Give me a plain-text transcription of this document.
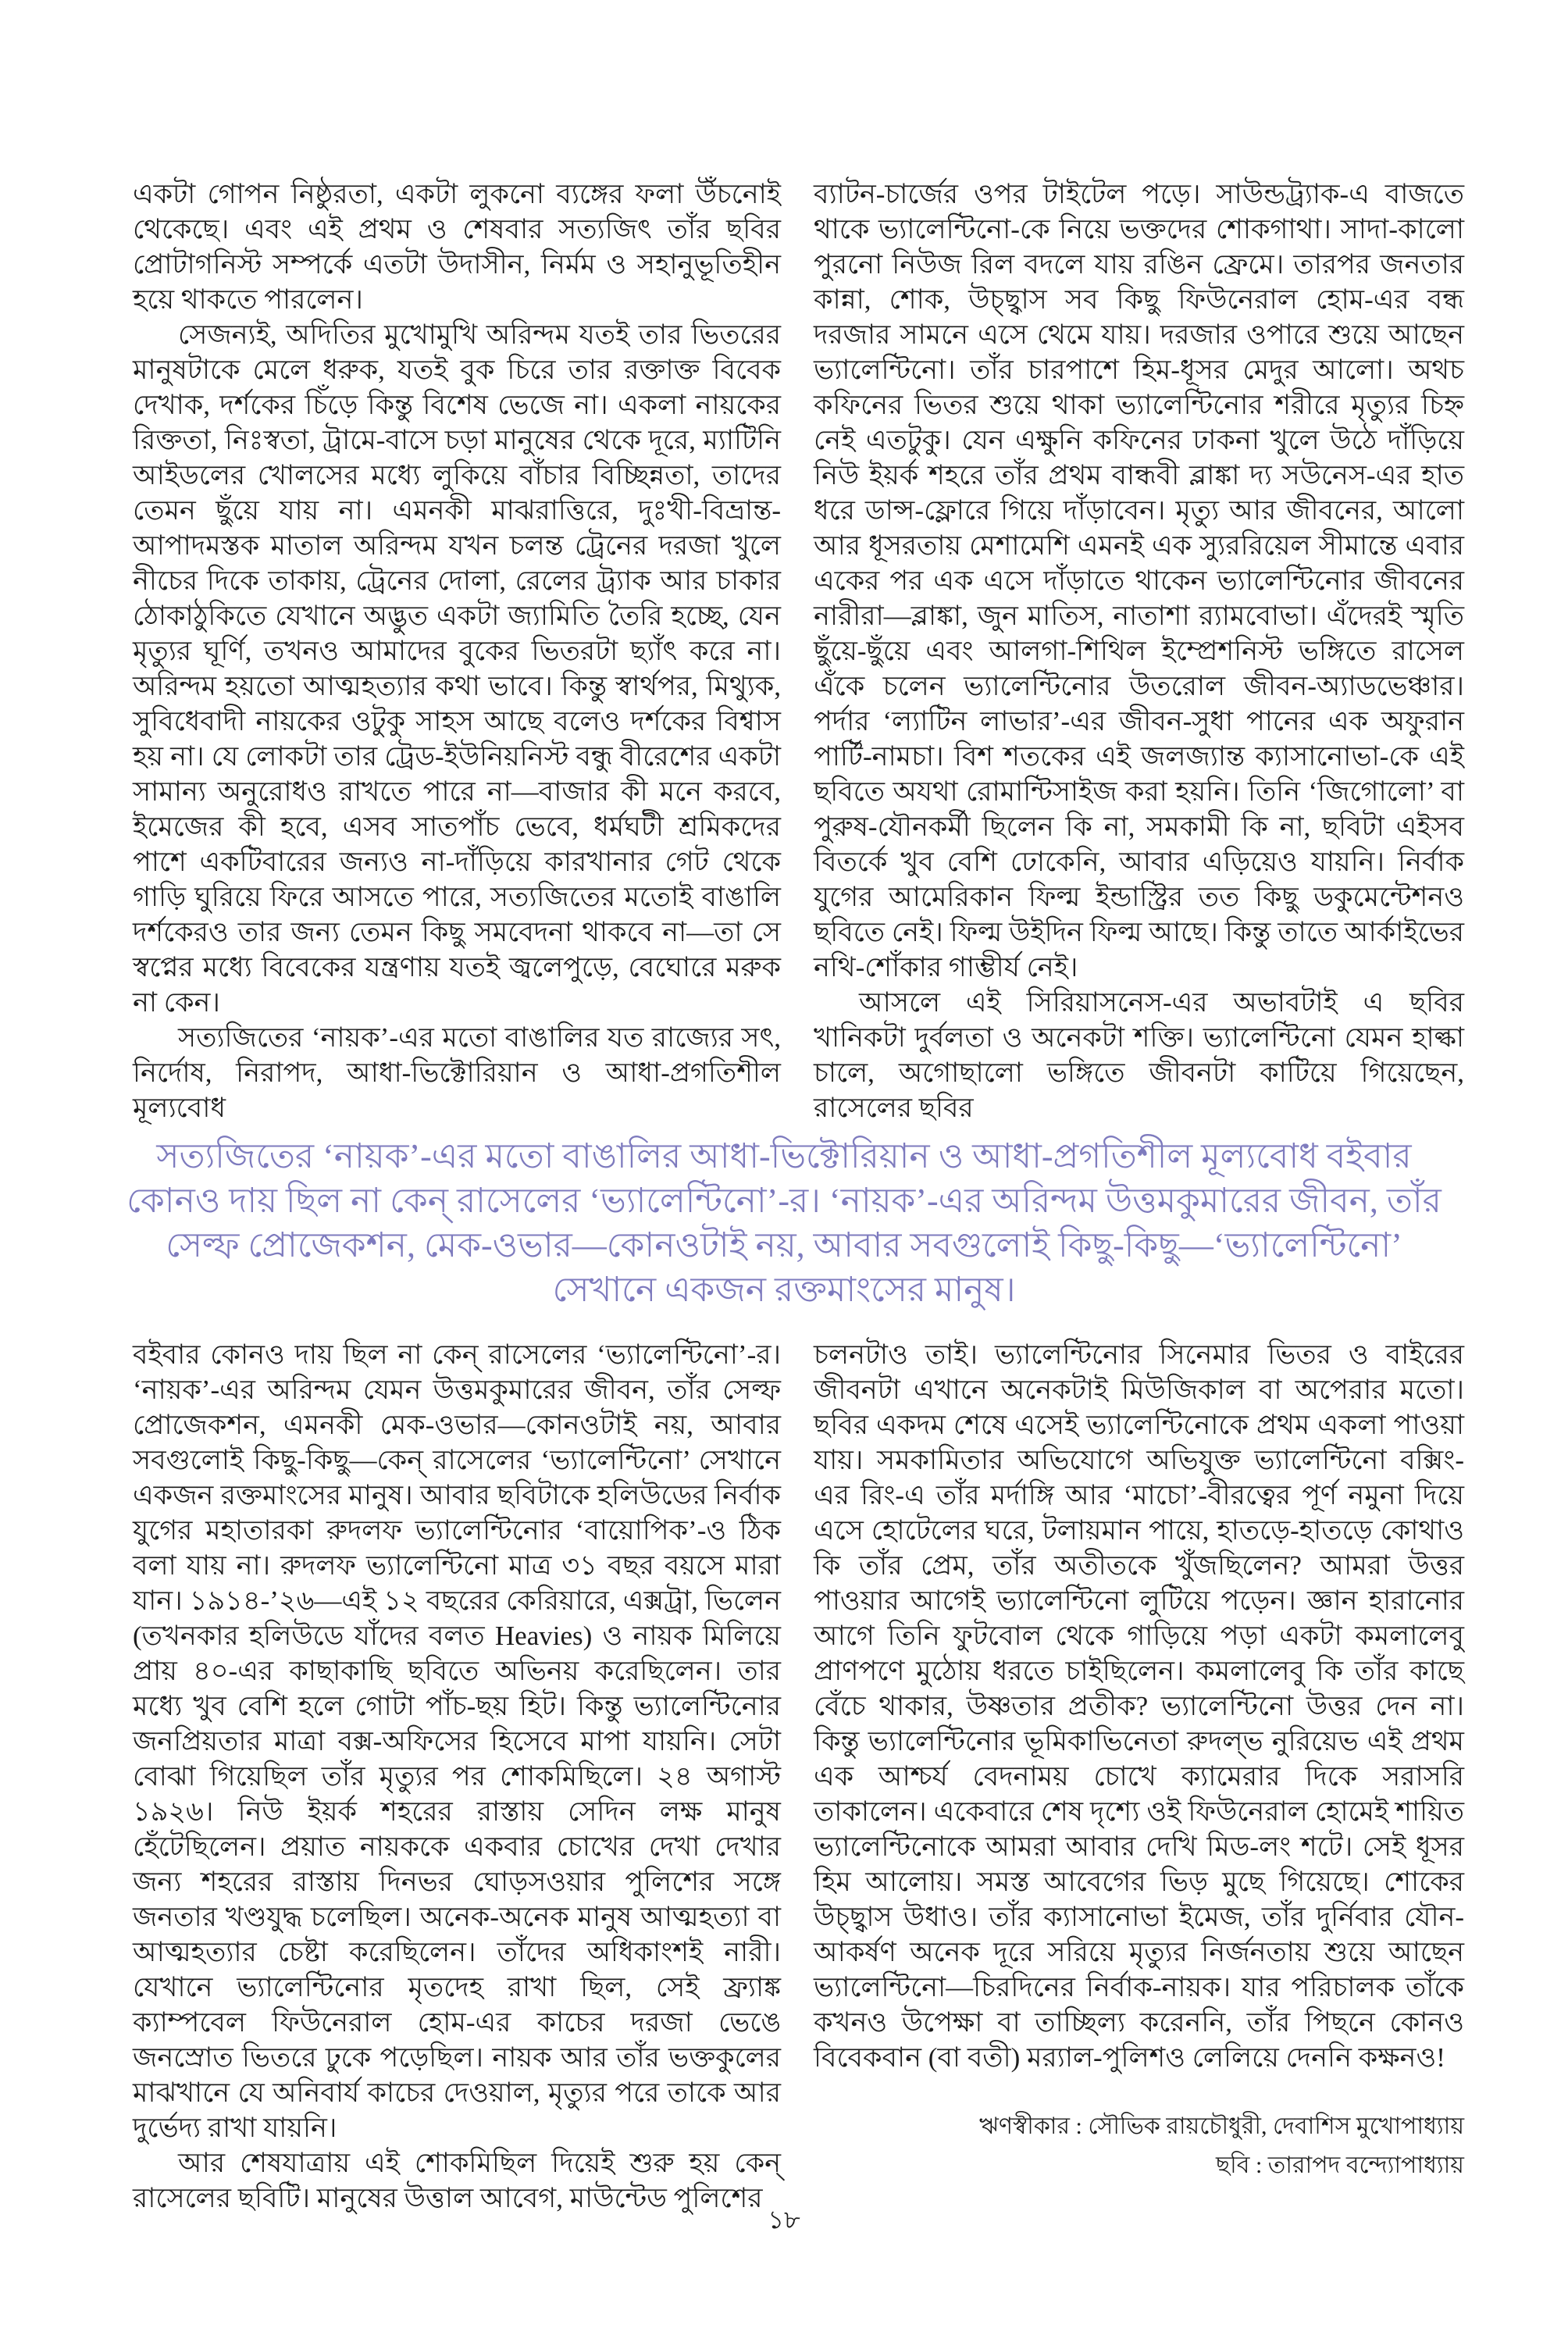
একটা গোপন নিষ্ঠুরতা, একটা লুকনো ব্যঙ্গের ফলা উঁচনোই থেকেছে। এবং এই প্রথম ও শেষবার সত্যজিৎ তাঁর ছবির প্রোটাগনিস্ট সম্পর্কে এতটা উদাসীন, নির্মম ও সহানুভূতিহীন হয়ে থাকতে পারলেন।

সেজন্যই, অদিতির মুখোমুখি অরিন্দম যতই তার ভিতরের মানুষটাকে মেলে ধরুক, যতই বুক চিরে তার রক্তাক্ত বিবেক দেখাক, দর্শকের চিঁড়ে কিন্তু বিশেষ ভেজে না। একলা নায়কের রিক্ততা, নিঃস্বতা, ট্রামে-বাসে চড়া মানুষের থেকে দূরে, ম্যাটিনি আইডলের খোলসের মধ্যে লুকিয়ে বাঁচার বিচ্ছিন্নতা, তাদের তেমন ছুঁয়ে যায় না। এমনকী মাঝরাত্তিরে, দুঃখী-বিভ্রান্ত-আপাদমস্তক মাতাল অরিন্দম যখন চলন্ত ট্রেনের দরজা খুলে নীচের দিকে তাকায়, ট্রেনের দোলা, রেলের ট্র্যাক আর চাকার ঠোকাঠুকিতে যেখানে অদ্ভুত একটা জ্যামিতি তৈরি হচ্ছে, যেন মৃত্যুর ঘূর্ণি, তখনও আমাদের বুকের ভিতরটা ছ্যাঁৎ করে না। অরিন্দম হয়তো আত্মহত্যার কথা ভাবে। কিন্তু স্বার্থপর, মিথ্যুক, সুবিধেবাদী নায়কের ওটুকু সাহস আছে বলেও দর্শকের বিশ্বাস হয় না। যে লোকটা তার ট্রেড-ইউনিয়নিস্ট বন্ধু বীরেশের একটা সামান্য অনুরোধও রাখতে পারে না—বাজার কী মনে করবে, ইমেজের কী হবে, এসব সাতপাঁচ ভেবে, ধর্মঘটী শ্রমিকদের পাশে একটিবারের জন্যও না-দাঁড়িয়ে কারখানার গেট থেকে গাড়ি ঘুরিয়ে ফিরে আসতে পারে, সত্যজিতের মতোই বাঙালি দর্শকেরও তার জন্য তেমন কিছু সমবেদনা থাকবে না—তা সে স্বপ্নের মধ্যে বিবেকের যন্ত্রণায় যতই জ্বলেপুড়ে, বেঘোরে মরুক না কেন।

সত্যজিতের ‘নায়ক’-এর মতো বাঙালির যত রাজ্যের সৎ, নির্দোষ, নিরাপদ, আধা-ভিক্টোরিয়ান ও আধা-প্রগতিশীল মূল্যবোধ

ব্যাটন-চার্জের ওপর টাইটেল পড়ে। সাউন্ডট্র্যাক-এ বাজতে থাকে ভ্যালেন্টিনো-কে নিয়ে ভক্তদের শোকগাথা। সাদা-কালো পুরনো নিউজ রিল বদলে যায় রঙিন ফ্রেমে। তারপর জনতার কান্না, শোক, উচ্ছ্বাস সব কিছু ফিউনেরাল হোম-এর বন্ধ দরজার সামনে এসে থেমে যায়। দরজার ওপারে শুয়ে আছেন ভ্যালেন্টিনো। তাঁর চারপাশে হিম-ধূসর মেদুর আলো। অথচ কফিনের ভিতর শুয়ে থাকা ভ্যালেন্টিনোর শরীরে মৃত্যুর চিহ্ন নেই এতটুকু। যেন এক্ষুনি কফিনের ঢাকনা খুলে উঠে দাঁড়িয়ে নিউ ইয়র্ক শহরে তাঁর প্রথম বান্ধবী ব্লাঙ্কা দ্য সউনেস-এর হাত ধরে ডান্স-ফ্লোরে গিয়ে দাঁড়াবেন। মৃত্যু আর জীবনের, আলো আর ধূসরতায় মেশামেশি এমনই এক স্যুররিয়েল সীমান্তে এবার একের পর এক এসে দাঁড়াতে থাকেন ভ্যালেন্টিনোর জীবনের নারীরা—ব্লাঙ্কা, জুন মাতিস, নাতাশা র‍্যামবোভা। এঁদেরই স্মৃতি ছুঁয়ে-ছুঁয়ে এবং আলগা-শিথিল ইম্প্রেশনিস্ট ভঙ্গিতে রাসেল এঁকে চলেন ভ্যালেন্টিনোর উতরোল জীবন-অ্যাডভেঞ্চার। পর্দার ‘ল্যাটিন লাভার’-এর জীবন-সুধা পানের এক অফুরান পার্টি-নামচা। বিশ শতকের এই জলজ্যান্ত ক্যাসানোভা-কে এই ছবিতে অযথা রোমান্টিসাইজ করা হয়নি। তিনি ‘জিগোলো’ বা পুরুষ-যৌনকর্মী ছিলেন কি না, সমকামী কি না, ছবিটা এইসব বিতর্কে খুব বেশি ঢোকেনি, আবার এড়িয়েও যায়নি। নির্বাক যুগের আমেরিকান ফিল্ম ইন্ডাস্ট্রির তত কিছু ডকুমেন্টেশনও ছবিতে নেই। ফিল্ম উইদিন ফিল্ম আছে। কিন্তু তাতে আর্কাইভের নথি-শোঁকার গাম্ভীর্য নেই।

আসলে এই সিরিয়াসনেস-এর অভাবটাই এ ছবির খানিকটা দুর্বলতা ও অনেকটা শক্তি। ভ্যালেন্টিনো যেমন হাল্কা চালে, অগোছালো ভঙ্গিতে জীবনটা কাটিয়ে গিয়েছেন, রাসেলের ছবির

সত্যজিতের ‘নায়ক’-এর মতো বাঙালির আধা-ভিক্টোরিয়ান ও আধা-প্রগতিশীল মূল্যবোধ বইবার
কোনও দায় ছিল না কেন্ রাসেলের ‘ভ্যালেন্টিনো’-র। ‘নায়ক’-এর অরিন্দম উত্তমকুমারের জীবন, তাঁর
সেল্ফ প্রোজেকশন, মেক-ওভার—কোনওটাই নয়, আবার সবগুলোই কিছু-কিছু—‘ভ্যালেন্টিনো’
সেখানে একজন রক্তমাংসের মানুষ।

বইবার কোনও দায় ছিল না কেন্ রাসেলের ‘ভ্যালেন্টিনো’-র। ‘নায়ক’-এর অরিন্দম যেমন উত্তমকুমারের জীবন, তাঁর সেল্ফ প্রোজেকশন, এমনকী মেক-ওভার—কোনওটাই নয়, আবার সবগুলোই কিছু-কিছু—কেন্ রাসেলের ‘ভ্যালেন্টিনো’ সেখানে একজন রক্তমাংসের মানুষ। আবার ছবিটাকে হলিউডের নির্বাক যুগের মহাতারকা রুদলফ ভ্যালেন্টিনোর ‘বায়োপিক’-ও ঠিক বলা যায় না। রুদলফ ভ্যালেন্টিনো মাত্র ৩১ বছর বয়সে মারা যান। ১৯১৪-’২৬—এই ১২ বছরের কেরিয়ারে, এক্সট্রা, ভিলেন (তখনকার হলিউডে যাঁদের বলত Heavies) ও নায়ক মিলিয়ে প্রায় ৪০-এর কাছাকাছি ছবিতে অভিনয় করেছিলেন। তার মধ্যে খুব বেশি হলে গোটা পাঁচ-ছয় হিট। কিন্তু ভ্যালেন্টিনোর জনপ্রিয়তার মাত্রা বক্স-অফিসের হিসেবে মাপা যায়নি। সেটা বোঝা গিয়েছিল তাঁর মৃত্যুর পর শোকমিছিলে। ২৪ অগাস্ট ১৯২৬। নিউ ইয়র্ক শহরের রাস্তায় সেদিন লক্ষ মানুষ হেঁটেছিলেন। প্রয়াত নায়ককে একবার চোখের দেখা দেখার জন্য শহরের রাস্তায় দিনভর ঘোড়সওয়ার পুলিশের সঙ্গে জনতার খণ্ডযুদ্ধ চলেছিল। অনেক-অনেক মানুষ আত্মহত্যা বা আত্মহত্যার চেষ্টা করেছিলেন। তাঁদের অধিকাংশই নারী। যেখানে ভ্যালেন্টিনোর মৃতদেহ রাখা ছিল, সেই ফ্র্যাঙ্ক ক্যাম্পবেল ফিউনেরাল হোম-এর কাচের দরজা ভেঙে জনস্রোত ভিতরে ঢুকে পড়েছিল। নায়ক আর তাঁর ভক্তকুলের মাঝখানে যে অনিবার্য কাচের দেওয়াল, মৃত্যুর পরে তাকে আর দুর্ভেদ্য রাখা যায়নি।

আর শেষযাত্রায় এই শোকমিছিল দিয়েই শুরু হয় কেন্ রাসেলের ছবিটি। মানুষের উত্তাল আবেগ, মাউন্টেড পুলিশের

চলনটাও তাই। ভ্যালেন্টিনোর সিনেমার ভিতর ও বাইরের জীবনটা এখানে অনেকটাই মিউজিকাল বা অপেরার মতো। ছবির একদম শেষে এসেই ভ্যালেন্টিনোকে প্রথম একলা পাওয়া যায়। সমকামিতার অভিযোগে অভিযুক্ত ভ্যালেন্টিনো বক্সিং-এর রিং-এ তাঁর মর্দাঙ্গি আর ‘মাচো’-বীরত্বের পূর্ণ নমুনা দিয়ে এসে হোটেলের ঘরে, টলায়মান পায়ে, হাতড়ে-হাতড়ে কোথাও কি তাঁর প্রেম, তাঁর অতীতকে খুঁজছিলেন? আমরা উত্তর পাওয়ার আগেই ভ্যালেন্টিনো লুটিয়ে পড়েন। জ্ঞান হারানোর আগে তিনি ফুটবোল থেকে গাড়িয়ে পড়া একটা কমলালেবু প্রাণপণে মুঠোয় ধরতে চাইছিলেন। কমলালেবু কি তাঁর কাছে বেঁচে থাকার, উষ্ণতার প্রতীক? ভ্যালেন্টিনো উত্তর দেন না। কিন্তু ভ্যালেন্টিনোর ভূমিকাভিনেতা রুদল্ভ নুরিয়েভ এই প্রথম এক আশ্চর্য বেদনাময় চোখে ক্যামেরার দিকে সরাসরি তাকালেন। একেবারে শেষ দৃশ্যে ওই ফিউনেরাল হোমেই শায়িত ভ্যালেন্টিনোকে আমরা আবার দেখি মিড-লং শটে। সেই ধূসর হিম আলোয়। সমস্ত আবেগের ভিড় মুছে গিয়েছে। শোকের উচ্ছ্বাস উধাও। তাঁর ক্যাসানোভা ইমেজ, তাঁর দুর্নিবার যৌন-আকর্ষণ অনেক দূরে সরিয়ে মৃত্যুর নির্জনতায় শুয়ে আছেন ভ্যালেন্টিনো—চিরদিনের নির্বাক-নায়ক। যার পরিচালক তাঁকে কখনও উপেক্ষা বা তাচ্ছিল্য করেননি, তাঁর পিছনে কোনও বিবেকবান (বা বতী) মর‍্যাল-পুলিশও লেলিয়ে দেননি কক্ষনও!

ঋণস্বীকার : সৌভিক রায়চৌধুরী, দেবাশিস মুখোপাধ্যায়
ছবি : তারাপদ বন্দ্যোপাধ্যায়
১৮
